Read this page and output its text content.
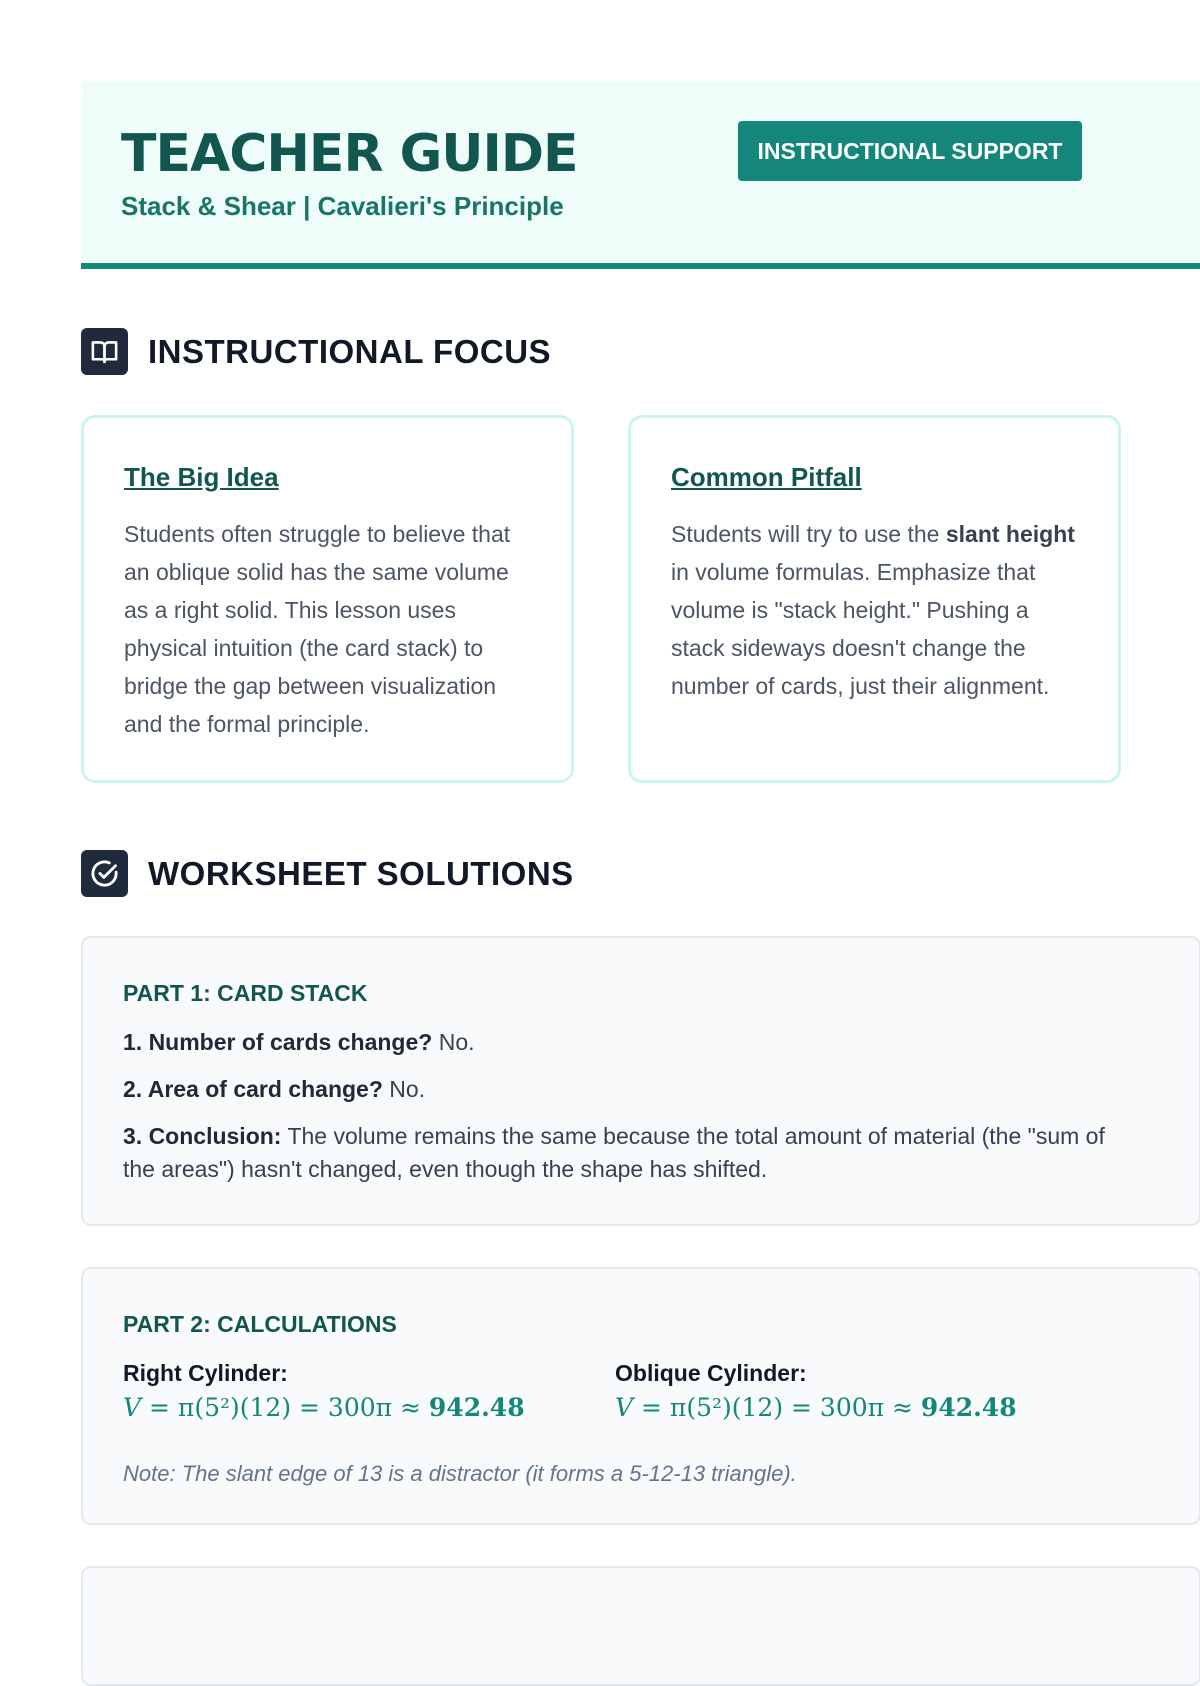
TEACHER GUIDE
Stack & Shear | Cavalieri's Principle
INSTRUCTIONAL SUPPORT
INSTRUCTIONAL FOCUS
The Big Idea
Students often struggle to believe that an oblique solid has the same volume as a right solid. This lesson uses physical intuition (the card stack) to bridge the gap between visualization and the formal principle.
Common Pitfall
Students will try to use the slant height in volume formulas. Emphasize that volume is "stack height." Pushing a stack sideways doesn't change the number of cards, just their alignment.
WORKSHEET SOLUTIONS
PART 1: CARD STACK
1. Number of cards change? No.
2. Area of card change? No.
3. Conclusion: The volume remains the same because the total amount of material (the "sum of the areas") hasn't changed, even though the shape has shifted.
PART 2: CALCULATIONS
Right Cylinder:
V = π(5²)(12) = 300π ≈ 942.48
Oblique Cylinder:
V = π(5²)(12) = 300π ≈ 942.48
Note: The slant edge of 13 is a distractor (it forms a 5-12-13 triangle).
